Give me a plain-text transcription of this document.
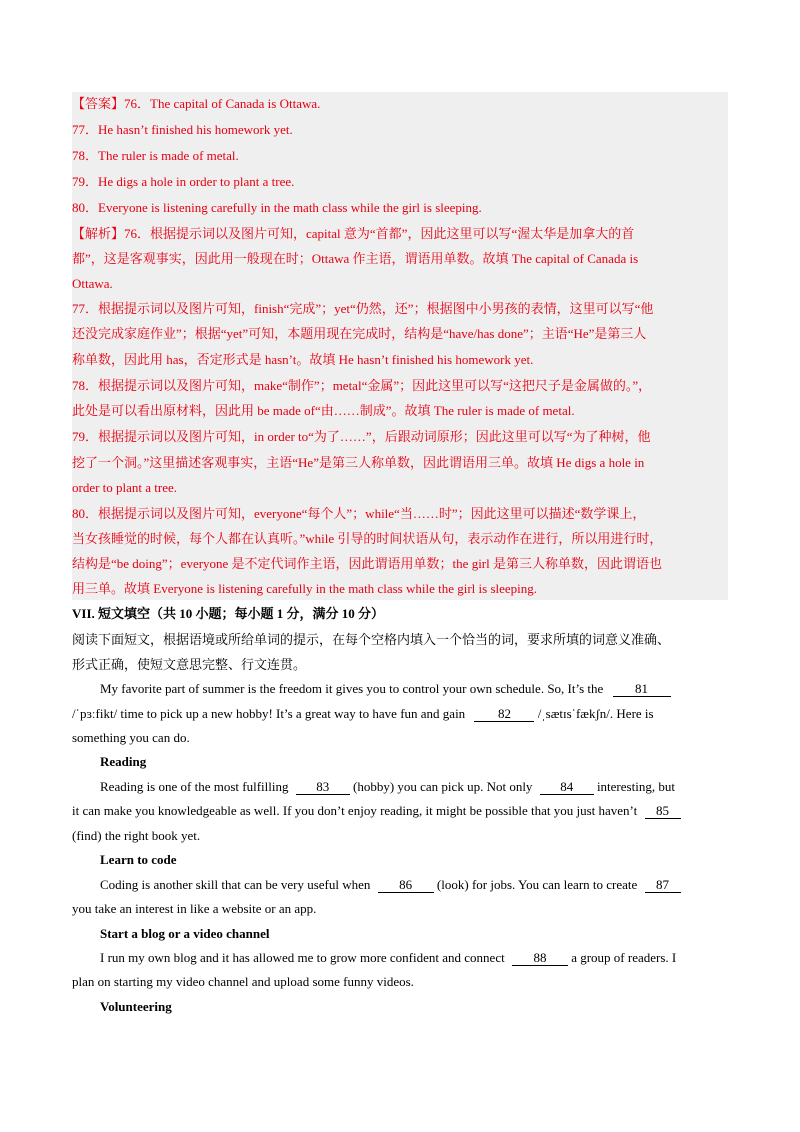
【答案】76．The capital of Canada is Ottawa.
77．He hasn’t finished his homework yet.
78．The ruler is made of metal.
79．He digs a hole in order to plant a tree.
80．Everyone is listening carefully in the math class while the girl is sleeping.
【解析】76．根据提示词以及图片可知，capital 意为“首都”，因此这里可以写“渥太华是加拿大的首
都”，这是客观事实，因此用一般现在时；Ottawa 作主语，谓语用单数。故填 The capital of Canada is
Ottawa.
77．根据提示词以及图片可知，finish“完成”；yet“仍然，还”；根据图中小男孩的表情，这里可以写“他
还没完成家庭作业”；根据“yet”可知，本题用现在完成时，结构是“have/has done”；主语“He”是第三人
称单数，因此用 has，否定形式是 hasn’t。故填 He hasn’t finished his homework yet.
78．根据提示词以及图片可知，make“制作”；metal“金属”；因此这里可以写“这把尺子是金属做的。”，
此处是可以看出原材料，因此用 be made of“由……制成”。故填 The ruler is made of metal.
79．根据提示词以及图片可知，in order to“为了……”，后跟动词原形；因此这里可以写“为了种树，他
挖了一个洞。”这里描述客观事实，主语“He”是第三人称单数，因此谓语用三单。故填 He digs a hole in
order to plant a tree.
80．根据提示词以及图片可知，everyone“每个人”；while“当……时”；因此这里可以描述“数学课上，
当女孩睡觉的时候，每个人都在认真听。”while 引导的时间状语从句，表示动作在进行，所以用进行时，
结构是“be doing”；everyone 是不定代词作主语，因此谓语用单数；the girl 是第三人称单数，因此谓语也
用三单。故填 Everyone is listening carefully in the math class while the girl is sleeping.
VII. 短文填空（共 10 小题；每小题 1 分，满分 10 分）
阅读下面短文，根据语境或所给单词的提示，在每个空格内填入一个恰当的词，要求所填的词意义准确、
形式正确，使短文意思完整、行文连贯。
My favorite part of summer is the freedom it gives you to control your own schedule. So, It’s the 81
/ˈpɜːfikt/ time to pick up a new hobby! It’s a great way to have fun and gain	82 /ˌsætɪsˈfækʃn/. Here is
something you can do.
Reading
Reading is one of the most fulfilling 83 (hobby) you can pick up. Not only 84 interesting, but
it can make you knowledgeable as well. If you don’t enjoy reading, it might be possible that you just haven’t 85
(find) the right book yet.
Learn to code
Coding is another skill that can be very useful when 86 (look) for jobs. You can learn to create 87
you take an interest in like a website or an app.
Start a blog or a video channel
I run my own blog and it has allowed me to grow more confident and connect 88 a group of readers. I
plan on starting my video channel and upload some funny videos.
Volunteering
